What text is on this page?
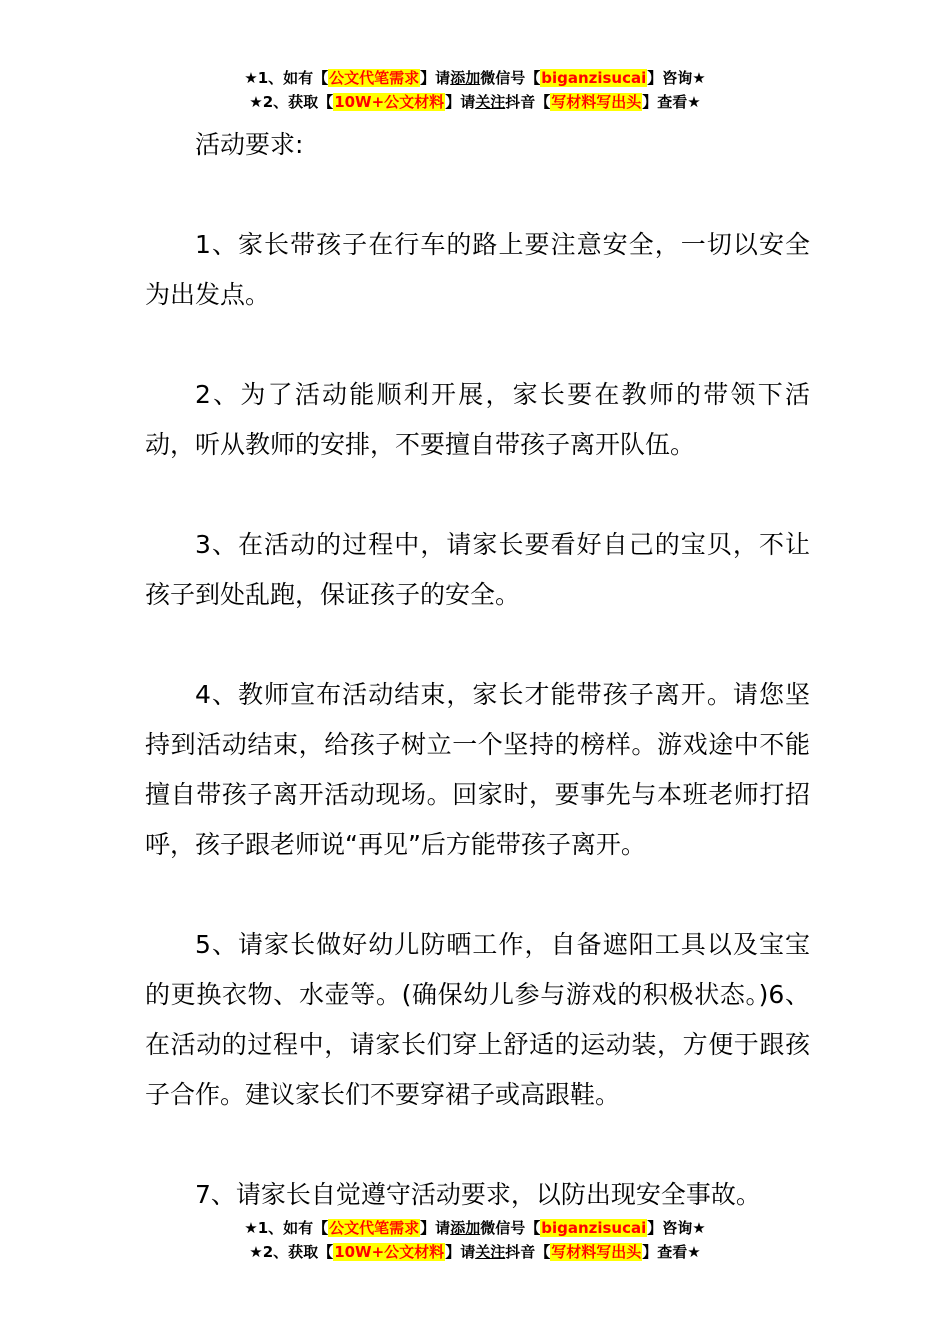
★1、如有【公文代笔需求】请添加微信号【biganzisucai】咨询★
★2、获取【10W+公文材料】请关注抖音【写材料写出头】查看★

活动要求:

1、家长带孩子在行车的路上要注意安全，一切以安全为出发点。

2、为了活动能顺利开展，家长要在教师的带领下活动，听从教师的安排，不要擅自带孩子离开队伍。

3、在活动的过程中，请家长要看好自己的宝贝，不让孩子到处乱跑，保证孩子的安全。

4、教师宣布活动结束，家长才能带孩子离开。请您坚持到活动结束，给孩子树立一个坚持的榜样。游戏途中不能擅自带孩子离开活动现场。回家时，要事先与本班老师打招呼，孩子跟老师说“再见”后方能带孩子离开。

5、请家长做好幼儿防晒工作，自备遮阳工具以及宝宝的更换衣物、水壶等。(确保幼儿参与游戏的积极状态。)6、在活动的过程中，请家长们穿上舒适的运动装，方便于跟孩子合作。建议家长们不要穿裙子或高跟鞋。

7、请家长自觉遵守活动要求，以防出现安全事故。

★1、如有【公文代笔需求】请添加微信号【biganzisucai】咨询★
★2、获取【10W+公文材料】请关注抖音【写材料写出头】查看★
